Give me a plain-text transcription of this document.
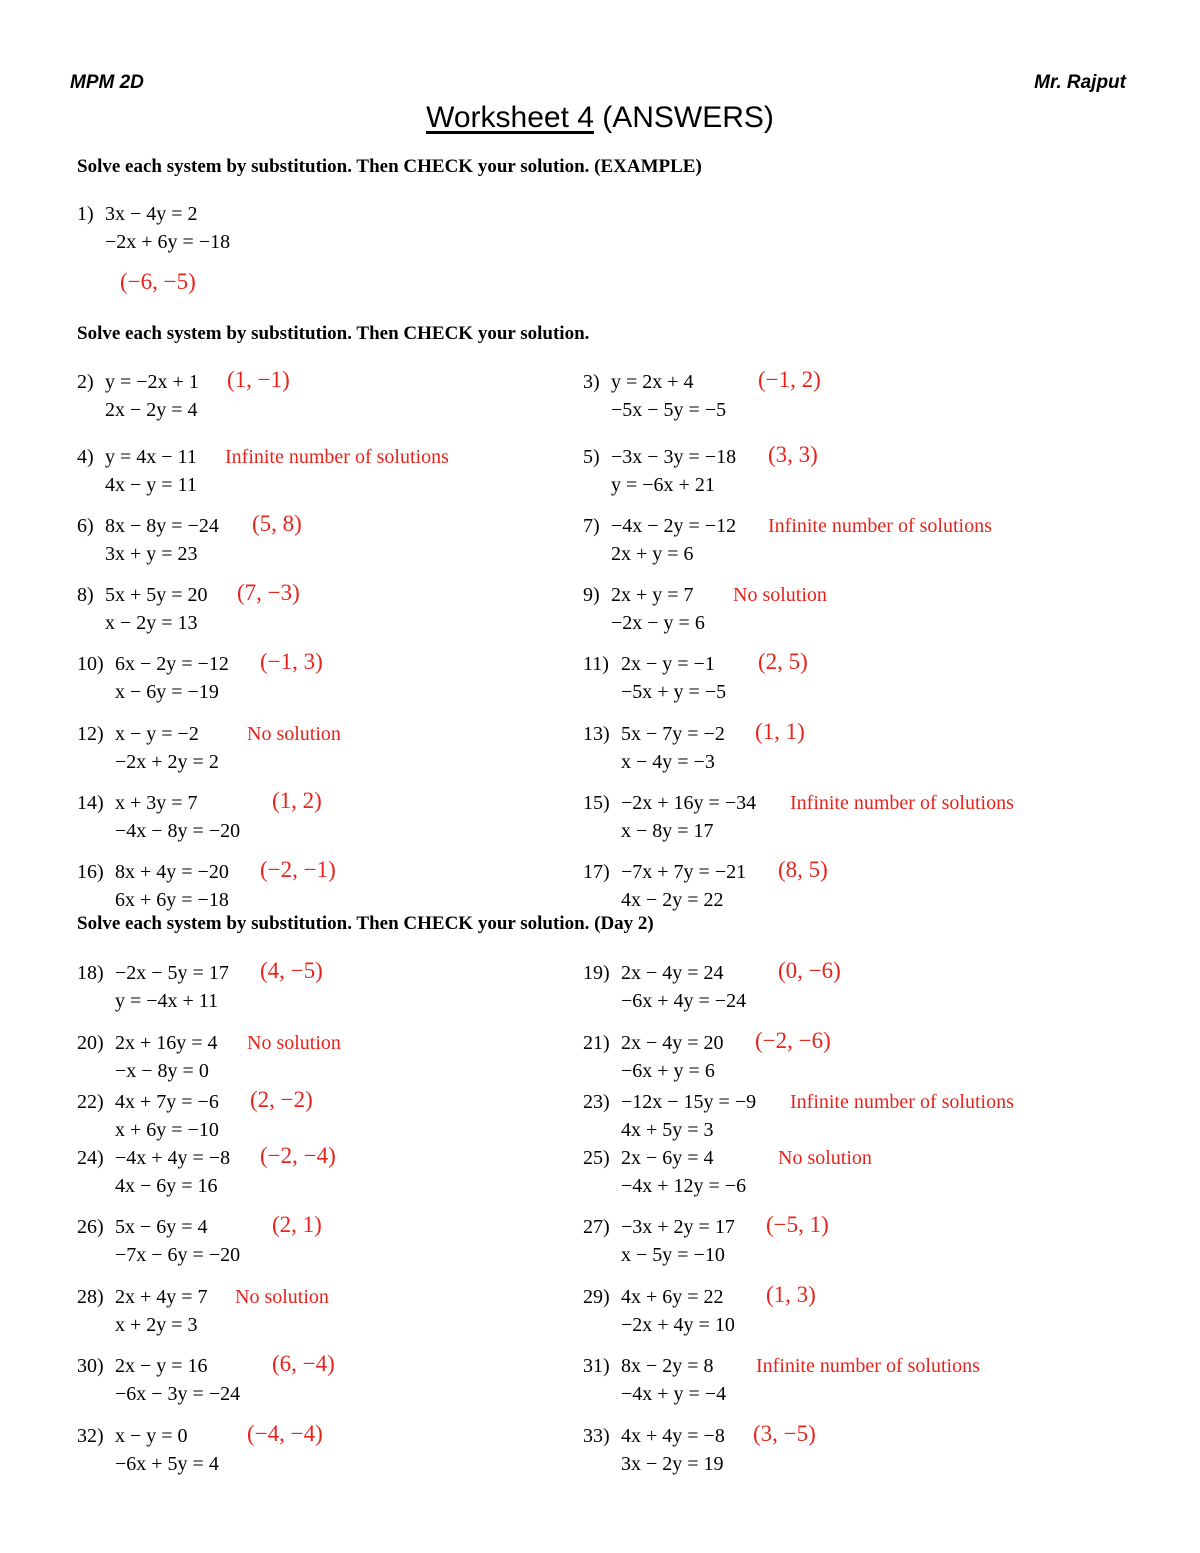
MPM 2D	Mr. Rajput
Worksheet 4 (ANSWERS)
Solve each system by substitution. Then CHECK your solution. (EXAMPLE)
1) 3x − 4y = 2
−2x + 6y = −18
(−6, −5)
Solve each system by substitution. Then CHECK your solution.
Solve each system by substitution. Then CHECK your solution. (Day 2)
2) y = −2x + 1
2x − 2y = 4
(1, −1)	3) y = 2x + 4
−5x − 5y = −5
(−1, 2)
4) y = 4x − 11
4x − y = 11
Infinite number of solutions	5) −3x − 3y = −18
y = −6x + 21
(3, 3)
6) 8x − 8y = −24
3x + y = 23
(5, 8)	7) −4x − 2y = −12
2x + y = 6
Infinite number of solutions
8) 5x + 5y = 20
x − 2y = 13
(7, −3)	9) 2x + y = 7
−2x − y = 6
No solution
10) 6x − 2y = −12
x − 6y = −19
(−1, 3)	11) 2x − y = −1
−5x + y = −5
(2, 5)
12) x − y = −2
−2x + 2y = 2
No solution	13) 5x − 7y = −2
x − 4y = −3
(1, 1)
14) x + 3y = 7
−4x − 8y = −20
(1, 2)	15) −2x + 16y = −34
x − 8y = 17
Infinite number of solutions
16) 8x + 4y = −20
6x + 6y = −18
(−2, −1)	17) −7x + 7y = −21
4x − 2y = 22
(8, 5)
18) −2x − 5y = 17
y = −4x + 11
(4, −5)	19) 2x − 4y = 24
−6x + 4y = −24
(0, −6)
20) 2x + 16y = 4
−x − 8y = 0
No solution	21) 2x − 4y = 20
−6x + y = 6
(−2, −6)
22) 4x + 7y = −6
x + 6y = −10
(2, −2)	23) −12x − 15y = −9
4x + 5y = 3
Infinite number of solutions
24) −4x + 4y = −8
4x − 6y = 16
(−2, −4)	25) 2x − 6y = 4
−4x + 12y = −6
No solution
26) 5x − 6y = 4
−7x − 6y = −20
(2, 1)	27) −3x + 2y = 17
x − 5y = −10
(−5, 1)
28) 2x + 4y = 7
x + 2y = 3
No solution	29) 4x + 6y = 22
−2x + 4y = 10
(1, 3)
30) 2x − y = 16
−6x − 3y = −24
(6, −4)	31) 8x − 2y = 8
−4x + y = −4
Infinite number of solutions
32) x − y = 0
−6x + 5y = 4
(−4, −4)	33) 4x + 4y = −8
3x − 2y = 19
(3, −5)
